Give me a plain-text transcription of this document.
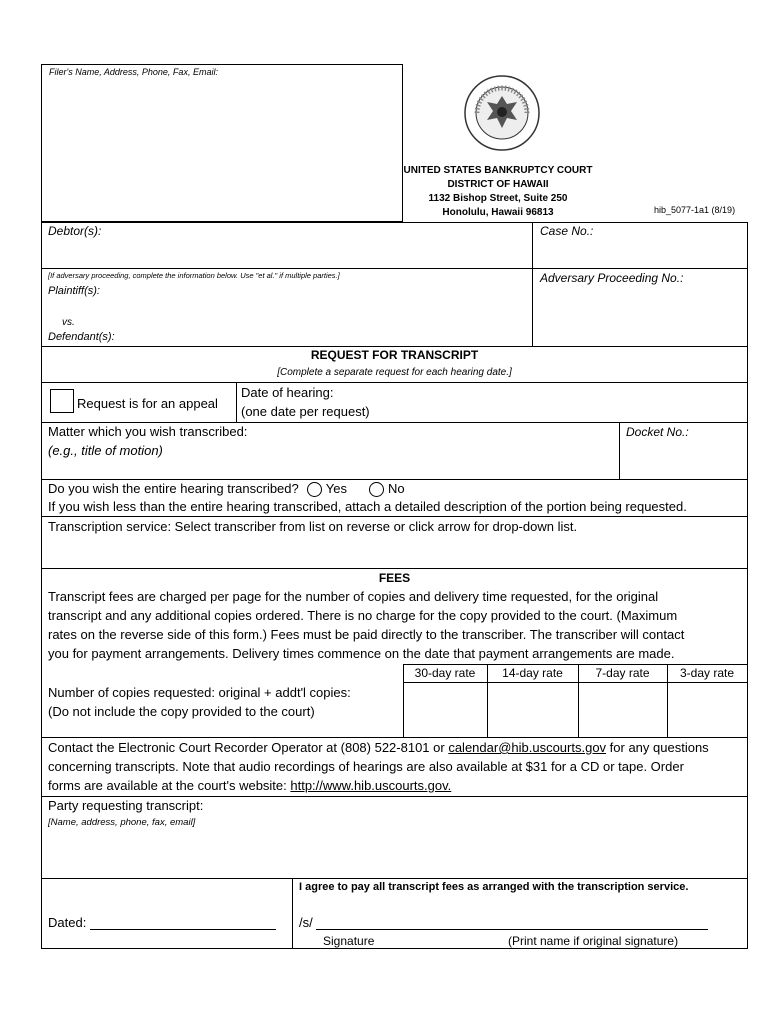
Filer's Name, Address, Phone, Fax, Email:
UNITED STATES BANKRUPTCY COURT
DISTRICT OF HAWAII
1132 Bishop Street, Suite 250
Honolulu, Hawaii 96813	hib_5077-1a1 (8/19)
Debtor(s):	Case No.:
[If adversary proceeding, complete the information below. Use "et al." if multiple parties.]
Plaintiff(s):
vs.
Defendant(s):
Adversary Proceeding No.:
REQUEST FOR TRANSCRIPT
[Complete a separate request for each hearing date.]
Request is for an appeal
Date of hearing:
(one date per request)
Matter which you wish transcribed:
(e.g., title of motion)
Docket No.:
Do you wish the entire hearing transcribed? Yes	No
If you wish less than the entire hearing transcribed, attach a detailed description of the portion being requested.
Transcription service: Select transcriber from list on reverse or click arrow for drop-down list.
FEES
Transcript fees are charged per page for the number of copies and delivery time requested, for the original
transcript and any additional copies ordered. There is no charge for the copy provided to the court. (Maximum
rates on the reverse side of this form.) Fees must be paid directly to the transcriber. The transcriber will contact
you for payment arrangements. Delivery times commence on the date that payment arrangements are made.
30-day rate	14-day rate	7-day rate	3-day rate
Number of copies requested: original + addt'l copies:
(Do not include the copy provided to the court)
Contact the Electronic Court Recorder Operator at (808) 522-8101 or calendar@hib.uscourts.gov for any questions
concerning transcripts. Note that audio recordings of hearings are also available at $31 for a CD or tape. Order
forms are available at the court's website: http://www.hib.uscourts.gov.
Party requesting transcript:
[Name, address, phone, fax, email]
I agree to pay all transcript fees as arranged with the transcription service.
Dated:	/s/
Signature	(Print name if original signature)
